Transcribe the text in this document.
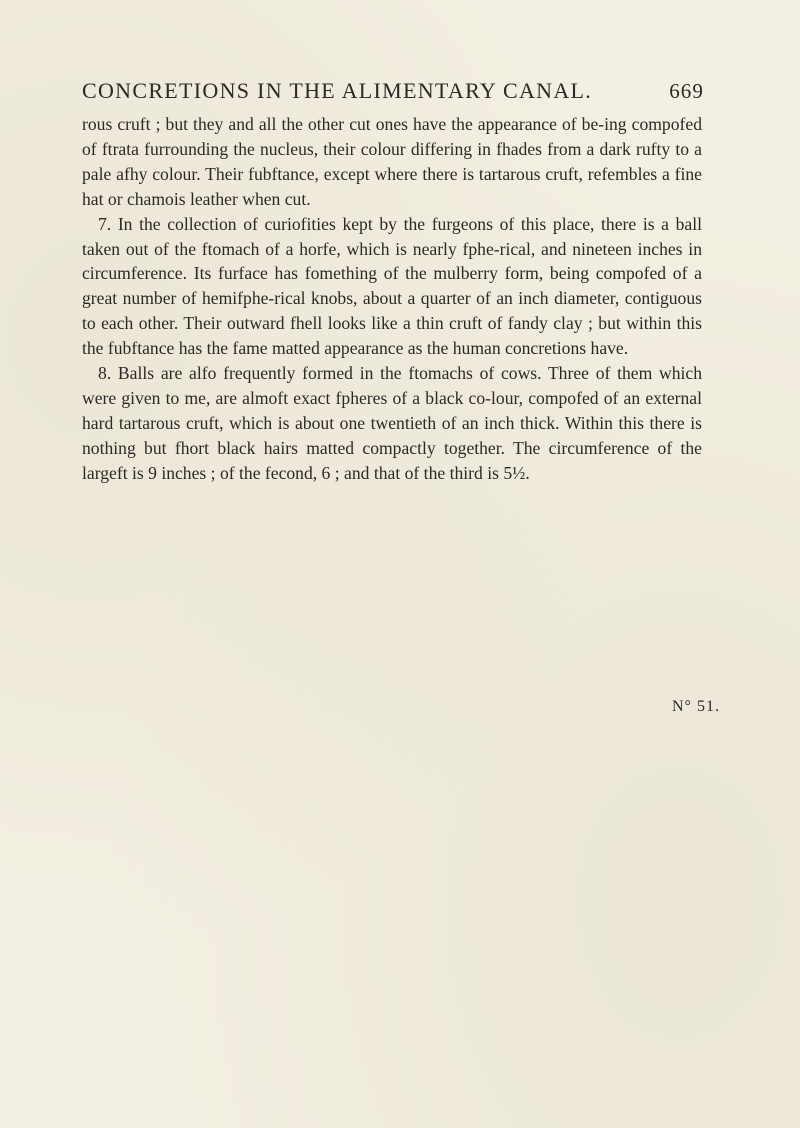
CONCRETIONS IN THE ALIMENTARY CANAL.	669

rous cruft ; but they and all the other cut ones have the appearance of be-ing compofed of ftrata furrounding the nucleus, their colour differing in fhades from a dark rufty to a pale afhy colour. Their fubftance, except where there is tartarous cruft, refembles a fine hat or chamois leather when cut.

7. In the collection of curiofities kept by the furgeons of this place, there is a ball taken out of the ftomach of a horfe, which is nearly fphe-rical, and nineteen inches in circumference. Its furface has fomething of the mulberry form, being compofed of a great number of hemifphe-rical knobs, about a quarter of an inch diameter, contiguous to each other. Their outward fhell looks like a thin cruft of fandy clay ; but within this the fubftance has the fame matted appearance as the human concretions have.

8. Balls are alfo frequently formed in the ftomachs of cows. Three of them which were given to me, are almoft exact fpheres of a black co-lour, compofed of an external hard tartarous cruft, which is about one twentieth of an inch thick. Within this there is nothing but fhort black hairs matted compactly together. The circumference of the largeft is 9 inches ; of the fecond, 6 ; and that of the third is 5½.

N° 51.
